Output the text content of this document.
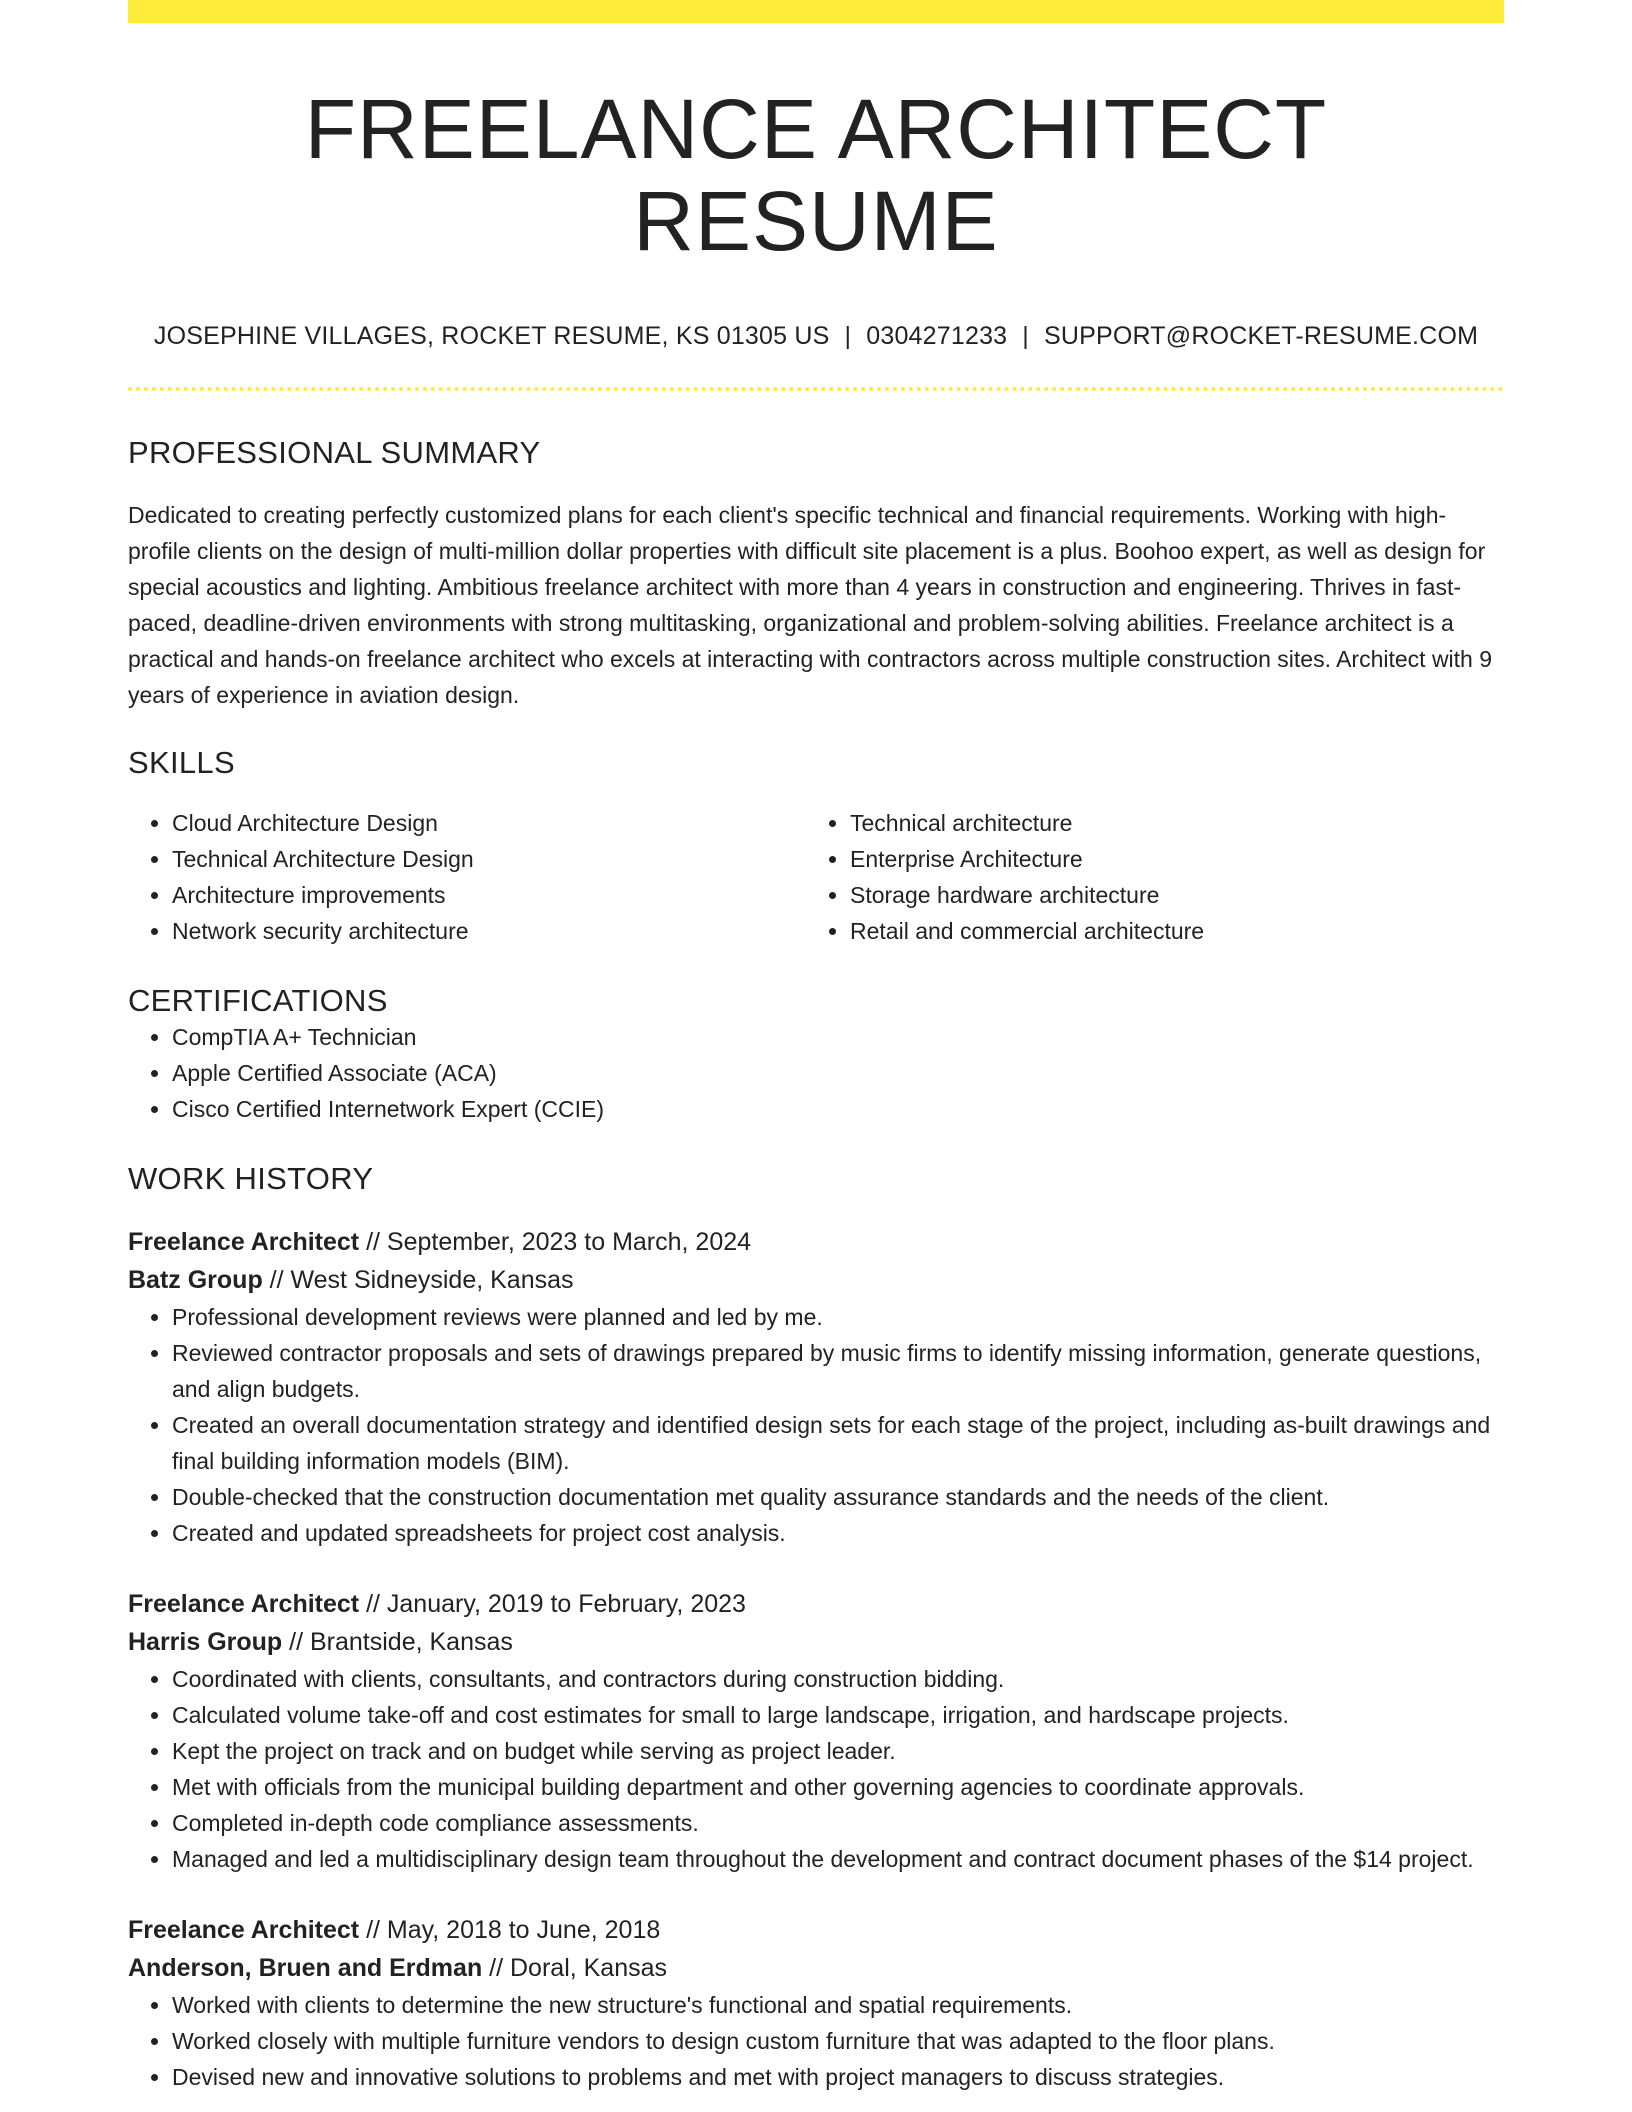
FREELANCE ARCHITECT RESUME
JOSEPHINE VILLAGES, ROCKET RESUME, KS 01305 US | 0304271233 | SUPPORT@ROCKET-RESUME.COM
PROFESSIONAL SUMMARY

Dedicated to creating perfectly customized plans for each client's specific technical and financial requirements. Working with high-profile clients on the design of multi-million dollar properties with difficult site placement is a plus. Boohoo expert, as well as design for special acoustics and lighting. Ambitious freelance architect with more than 4 years in construction and engineering. Thrives in fast-paced, deadline-driven environments with strong multitasking, organizational and problem-solving abilities. Freelance architect is a practical and hands-on freelance architect who excels at interacting with contractors across multiple construction sites. Architect with 9 years of experience in aviation design.

SKILLS
• Cloud Architecture Design
• Technical Architecture Design
• Architecture improvements
• Network security architecture
• Technical architecture
• Enterprise Architecture
• Storage hardware architecture
• Retail and commercial architecture
CERTIFICATIONS
• CompTIA A+ Technician
• Apple Certified Associate (ACA)
• Cisco Certified Internetwork Expert (CCIE)
WORK HISTORY
Freelance Architect // September, 2023 to March, 2024
Batz Group // West Sidneyside, Kansas
• Professional development reviews were planned and led by me.
• Reviewed contractor proposals and sets of drawings prepared by music firms to identify missing information, generate questions, and align budgets.
• Created an overall documentation strategy and identified design sets for each stage of the project, including as-built drawings and final building information models (BIM).
• Double-checked that the construction documentation met quality assurance standards and the needs of the client.
• Created and updated spreadsheets for project cost analysis.
Freelance Architect // January, 2019 to February, 2023
Harris Group // Brantside, Kansas
• Coordinated with clients, consultants, and contractors during construction bidding.
• Calculated volume take-off and cost estimates for small to large landscape, irrigation, and hardscape projects.
• Kept the project on track and on budget while serving as project leader.
• Met with officials from the municipal building department and other governing agencies to coordinate approvals.
• Completed in-depth code compliance assessments.
• Managed and led a multidisciplinary design team throughout the development and contract document phases of the $14 project.
Freelance Architect // May, 2018 to June, 2018
Anderson, Bruen and Erdman // Doral, Kansas
• Worked with clients to determine the new structure's functional and spatial requirements.
• Worked closely with multiple furniture vendors to design custom furniture that was adapted to the floor plans.
• Devised new and innovative solutions to problems and met with project managers to discuss strategies.
